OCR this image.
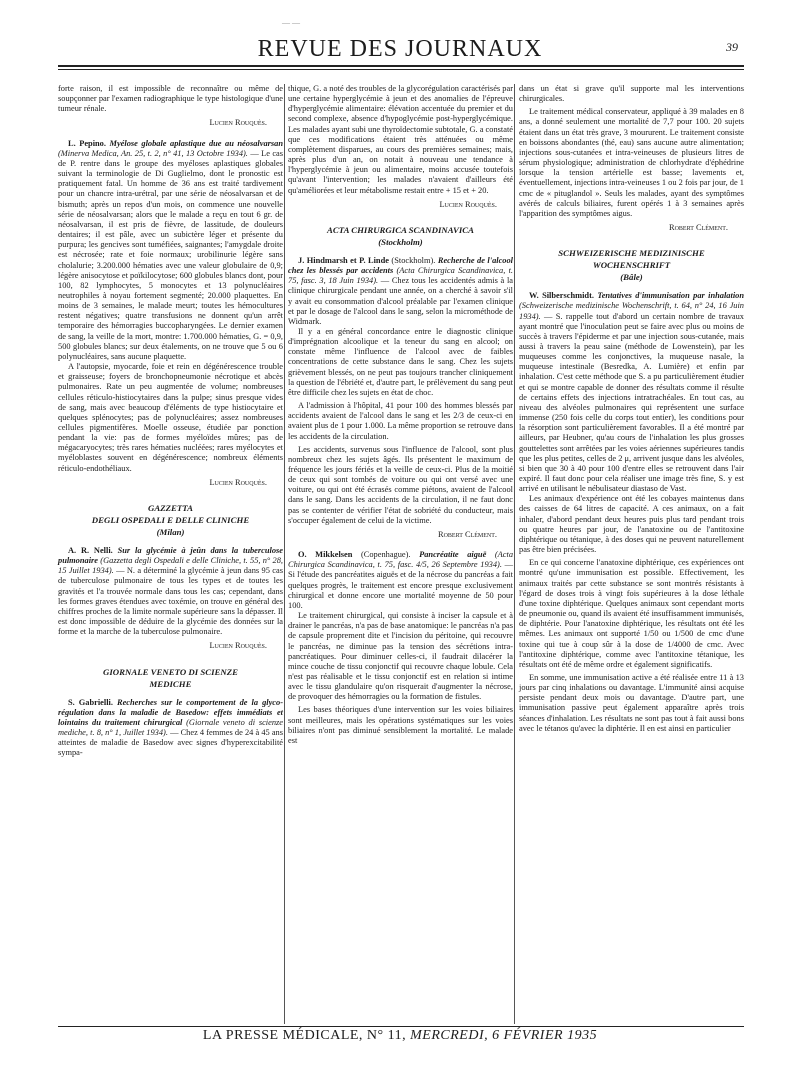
— —
REVUE DES JOURNAUX	39

forte raison, il est impossible de reconnaître ou même de soupçonner par l'examen radiographique le type histologique d'une tumeur rénale.

Lucien Rouquès.

L. Pepino. Myélose globale aplastique due au néosalvarsan (Minerva Medica, An. 25, t. 2, n° 41, 13 Octobre 1934). — Le cas de P. rentre dans le groupe des myéloses aplastiques globales suivant la terminologie de Di Guglielmo, dont le pronostic est pratiquement fatal. Un homme de 36 ans est traité tardivement pour un chancre intra-urétral, par une série de néosalvarsan et de bismuth; après un repos d'un mois, on commence une nouvelle série de néosalvarsan; alors que le malade a reçu en tout 6 gr. de néosalvarsan, il est pris de fièvre, de lassitude, de douleurs dentaires; il est pâle, avec un subictère léger et présente du purpura; les gencives sont tuméfiées, saignantes; l'amygdale droite est nécrosée; rate et foie normaux; urobilinurie légère sans cholalurie; 3.200.000 hématies avec une valeur globulaire de 0,9; légère anisocytose et poïkilocytose; 600 globules blancs dont, pour 100, 82 lymphocytes, 5 monocytes et 13 polynucléaires neutrophiles à noyau fortement segmenté; 20.000 plaquettes. En moins de 3 semaines, le malade meurt; toutes les hémocultures restent négatives; quatre transfusions ne donnent qu'un arrêt temporaire des hémorragies buccopharyngées. Le dernier examen de sang, la veille de la mort, montre: 1.700.000 hématies, G. = 0,9, 500 globules blancs; sur deux étalements, on ne trouve que 5 ou 6 polynucléaires, sans aucune plaquette.

A l'autopsie, myocarde, foie et rein en dégénérescence trouble et graisseuse; foyers de bronchopneumonie nécrotique et abcès pulmonaires. Rate un peu augmentée de volume; nombreuses cellules réticulo-histiocytaires dans la pulpe; sinus presque vides de sang, mais avec beaucoup d'éléments de type histiocytaire et quelques splénocytes; pas de polynucléaires; assez nombreuses cellules pigmentifères. Moelle osseuse, étudiée par ponction pendant la vie: pas de formes myéloïdes mûres; pas de mégacaryocytes; très rares hématies nucléées; rares myélocytes et myéloblastes souvent en dégénérescence; nombreux éléments réticulo-endothéliaux.

Lucien Rouquès.

GAZZETTA

DEGLI OSPEDALI E DELLE CLINICHE

(Milan)

A. R. Nelli. Sur la glycémie à jeûn dans la tuberculose pulmonaire (Gazzetta degli Ospedali e delle Cliniche, t. 55, n° 28, 15 Juillet 1934). — N. a déterminé la glycémie à jeun dans 95 cas de tuberculose pulmonaire de tous les types et de toutes les gravités et l'a trouvée normale dans tous les cas; cependant, dans les formes graves étendues avec toxémie, on trouve en général des chiffres proches de la limite normale supérieure sans la dépasser. Il est donc impossible de déduire de la glycémie des données sur la forme et la marche de la tuberculose pulmonaire.

Lucien Rouquès.

GIORNALE VENETO DI SCIENZE

MEDICHE

S. Gabrielli. Recherches sur le comportement de la glyco-régulation dans la maladie de Basedow: effets immédiats et lointains du traitement chirurgical (Giornale veneto di scienze mediche, t. 8, n° 1, Juillet 1934). — Chez 4 femmes de 24 à 45 ans atteintes de maladie de Basedow avec signes d'hyperexcitabilité sympa-

thique, G. a noté des troubles de la glycorégulation caractérisés par une certaine hyperglycémie à jeun et des anomalies de l'épreuve d'hyperglycémie alimentaire: élévation accentuée du premier et du second complexe, absence d'hypoglycémie post-hyperglycémique. Les malades ayant subi une thyroïdectomie subtotale, G. a constaté que ces modifications étaient très atténuées ou même complètement disparues, au cours des premières semaines; mais, après plus d'un an, on notait à nouveau une tendance à l'hyperglycémie à jeun ou alimentaire, moins accusée toutefois qu'avant l'intervention; les malades n'avaient d'ailleurs été qu'améliorées et leur métabolisme restait entre + 15 et + 20.

Lucien Rouquès.

ACTA CHIRURGICA SCANDINAVICA

(Stockholm)

J. Hindmarsh et P. Linde (Stockholm). Recherche de l'alcool chez les blessés par accidents (Acta Chirurgica Scandinavica, t. 75, fasc. 3, 18 Juin 1934). — Chez tous les accidentés admis à la clinique chirurgicale pendant une année, on a cherché à savoir s'il y avait eu consommation d'alcool préalable par l'examen clinique et par le dosage de l'alcool dans le sang, selon la microméthode de Widmark.

Il y a en général concordance entre le diagnostic clinique d'imprégnation alcoolique et la teneur du sang en alcool; on constate même l'influence de l'alcool avec de faibles concentrations de cette substance dans le sang. Chez les sujets grièvement blessés, on ne peut pas toujours trancher cliniquement la question de l'ébriété et, d'autre part, le prélèvement du sang peut être difficile chez les sujets en état de choc.

A l'admission à l'hôpital, 41 pour 100 des hommes blessés par accidents avaient de l'alcool dans le sang et les 2/3 de ceux-ci en avaient plus de 1 pour 1.000. La même proportion se retrouve dans les accidents de la circulation.

Les accidents, survenus sous l'influence de l'alcool, sont plus nombreux chez les sujets âgés. Ils présentent le maximum de fréquence les jours fériés et la veille de ceux-ci. Plus de la moitié de ceux qui sont tombés de voiture ou qui ont versé avec une voiture, ou qui ont été écrasés comme piétons, avaient de l'alcool dans le sang. Dans les accidents de la circulation, il ne faut donc pas se contenter de vérifier l'état de sobriété du conducteur, mais s'occuper également de celui de la victime.

Robert Clément.

O. Mikkelsen (Copenhague). Pancréatite aiguë (Acta Chirurgica Scandinavica, t. 75, fasc. 4/5, 26 Septembre 1934). — Si l'étude des pancréatites aiguës et de la nécrose du pancréas a fait quelques progrès, le traitement est encore presque exclusivement chirurgical et donne encore une mortalité moyenne de 50 pour 100.

Le traitement chirurgical, qui consiste à inciser la capsule et à drainer le pancréas, n'a pas de base anatomique: le pancréas n'a pas de capsule proprement dite et l'incision du péritoine, qui recouvre le pancréas, ne diminue pas la tension des sécrétions intra-pancréatiques. Pour diminuer celles-ci, il faudrait dilacérer la mince couche de tissu conjonctif qui recouvre chaque lobule. Cela n'est pas réalisable et le tissu conjonctif est en relation si intime avec le tissu glandulaire qu'on risquerait d'augmenter la nécrose, de provoquer des hémorragies ou la formation de fistules.

Les bases théoriques d'une intervention sur les voies biliaires sont meilleures, mais les opérations systématiques sur les voies biliaires n'ont pas diminué sensiblement la mortalité. Le malade est

dans un état si grave qu'il supporte mal les interventions chirurgicales.

Le traitement médical conservateur, appliqué à 39 malades en 8 ans, a donné seulement une mortalité de 7,7 pour 100. 20 sujets étaient dans un état très grave, 3 moururent. Le traitement consiste en boissons abondantes (thé, eau) sans aucune autre alimentation; injections sous-cutanées et intra-veineuses de plusieurs litres de sérum physiologique; administration de chlorhydrate d'éphédrine lorsque la tension artérielle est basse; lavements et, éventuellement, injections intra-veineuses 1 ou 2 fois par jour, de 1 cmc de « pituglandol ». Seuls les malades, ayant des symptômes avérés de calculs biliaires, furent opérés 1 à 3 semaines après l'apparition des symptômes aigus.

Robert Clément.

SCHWEIZERISCHE MEDIZINISCHE

WOCHENSCHRIFT

(Bâle)

W. Silberschmidt. Tentatives d'immunisation par inhalation (Schweizerische medizinische Wochenschrift, t. 64, n° 24, 16 Juin 1934). — S. rappelle tout d'abord un certain nombre de travaux ayant montré que l'inoculation peut se faire avec plus ou moins de succès à travers l'épiderme et par une injection sous-cutanée, mais aussi à travers la peau saine (méthode de Lowenstein), par les muqueuses comme les conjonctives, la muqueuse nasale, la muqueuse intestinale (Besredka, A. Lumière) et enfin par inhalation. C'est cette méthode que S. a pu particulièrement étudier et qui se montre capable de donner des résultats comme il résulte de certains effets des injections intratrachéales. En tout cas, au niveau des alvéoles pulmonaires qui représentent une surface immense (250 fois celle du corps tout entier), les conditions pour la résorption sont particulièrement favorables. Il a été montré par ailleurs, par Heubner, qu'au cours de l'inhalation les plus grosses gouttelettes sont arrêtées par les voies aériennes supérieures tandis que les plus petites, celles de 2 μ, arrivent jusque dans les alvéoles, si bien que 30 à 40 pour 100 d'entre elles se retrouvent dans l'air expiré. Il faut donc pour cela réaliser une image très fine, S. y est arrivé en utilisant le nébulisateur diastaso de Vast.

Les animaux d'expérience ont été les cobayes maintenus dans des caisses de 64 litres de capacité. A ces animaux, on a fait inhaler, d'abord pendant deux heures puis plus tard pendant trois ou quatre heures par jour, de l'anatoxine ou de l'antitoxine diphtérique ou tétanique, à des doses qui ne peuvent naturellement pas être bien précisées.

En ce qui concerne l'anatoxine diphtérique, ces expériences ont montré qu'une immunisation est possible. Effectivement, les animaux traités par cette substance se sont montrés résistants à l'égard de doses trois à vingt fois supérieures à la dose léthale d'une toxine diphtérique. Quelques animaux sont cependant morts de pneumonie ou, quand ils avaient été insuffisamment immunisés, de diphtérie. Pour l'anatoxine diphtérique, les résultats ont été les mêmes. Les animaux ont supporté 1/50 ou 1/500 de cmc d'une toxine qui tue à coup sûr à la dose de 1/4000 de cmc. Avec l'antitoxine diphtérique, comme avec l'antitoxine tétanique, les résultats ont été de même ordre et également significatifs.

En somme, une immunisation active a été réalisée entre 11 à 13 jours par cinq inhalations ou davantage. L'immunité ainsi acquise persiste pendant deux mois ou davantage. D'autre part, une immunisation passive peut également apparaître après trois séances d'inhalation. Les résultats ne sont pas tout à fait aussi bons avec le tétanos qu'avec la diphtérie. Il en est ainsi en particulier

LA PRESSE MÉDICALE, N° 11, MERCREDI, 6 FÉVRIER 1935
